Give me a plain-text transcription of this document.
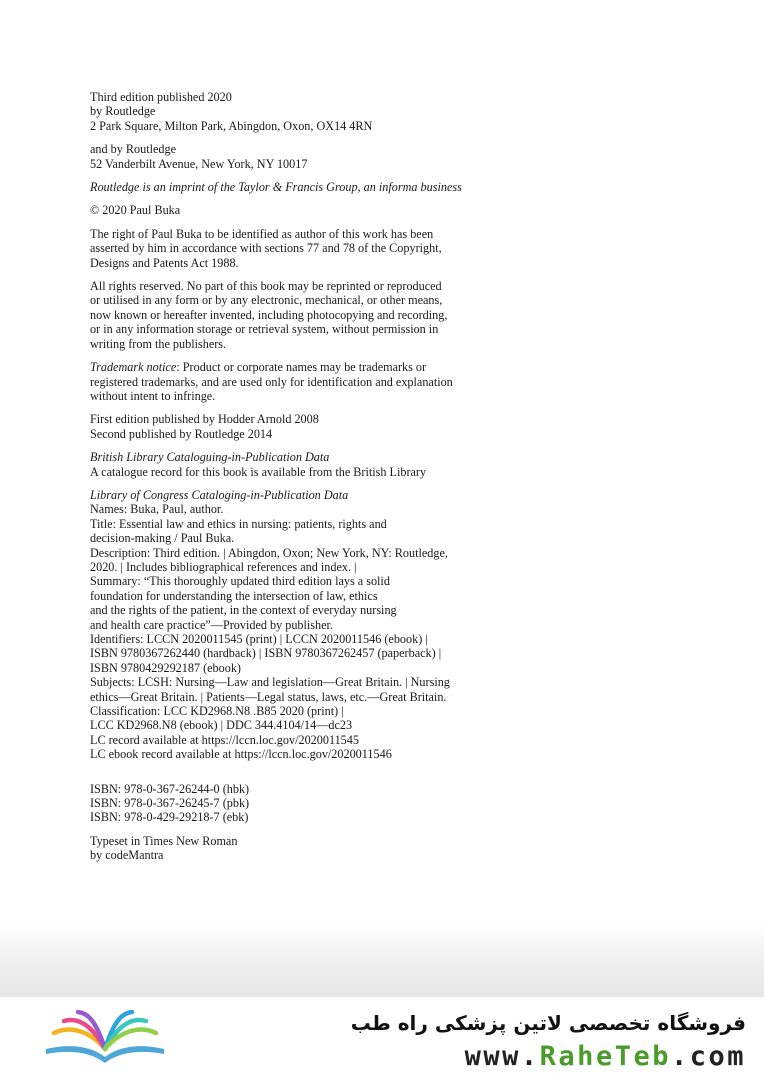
Third edition published 2020
by Routledge
2 Park Square, Milton Park, Abingdon, Oxon, OX14 4RN
and by Routledge
52 Vanderbilt Avenue, New York, NY 10017
Routledge is an imprint of the Taylor & Francis Group, an informa business
© 2020 Paul Buka
The right of Paul Buka to be identified as author of this work has been
asserted by him in accordance with sections 77 and 78 of the Copyright,
Designs and Patents Act 1988.
All rights reserved. No part of this book may be reprinted or reproduced
or utilised in any form or by any electronic, mechanical, or other means,
now known or hereafter invented, including photocopying and recording,
or in any information storage or retrieval system, without permission in
writing from the publishers.
Trademark notice: Product or corporate names may be trademarks or
registered trademarks, and are used only for identification and explanation
without intent to infringe.
First edition published by Hodder Arnold 2008
Second published by Routledge 2014
British Library Cataloguing-in-Publication Data
A catalogue record for this book is available from the British Library
Library of Congress Cataloging-in-Publication Data
Names: Buka, Paul, author.
Title: Essential law and ethics in nursing: patients, rights and
decision-making / Paul Buka.
Description: Third edition. | Abingdon, Oxon; New York, NY: Routledge,
2020. | Includes bibliographical references and index. |
Summary: “This thoroughly updated third edition lays a solid
foundation for understanding the intersection of law, ethics
and the rights of the patient, in the context of everyday nursing
and health care practice”—Provided by publisher.
Identifiers: LCCN 2020011545 (print) | LCCN 2020011546 (ebook) |
ISBN 9780367262440 (hardback) | ISBN 9780367262457 (paperback) |
ISBN 9780429292187 (ebook)
Subjects: LCSH: Nursing—Law and legislation—Great Britain. | Nursing
ethics—Great Britain. | Patients—Legal status, laws, etc.—Great Britain.
Classification: LCC KD2968.N8 .B85 2020 (print) |
LCC KD2968.N8 (ebook) | DDC 344.4104/14—dc23
LC record available at https://lccn.loc.gov/2020011545
LC ebook record available at https://lccn.loc.gov/2020011546
ISBN: 978-0-367-26244-0 (hbk)
ISBN: 978-0-367-26245-7 (pbk)
ISBN: 978-0-429-29218-7 (ebk)
Typeset in Times New Roman
by codeMantra
فروشگاه تخصصی لاتین پزشکی راه طب
www.RaheTeb.com
